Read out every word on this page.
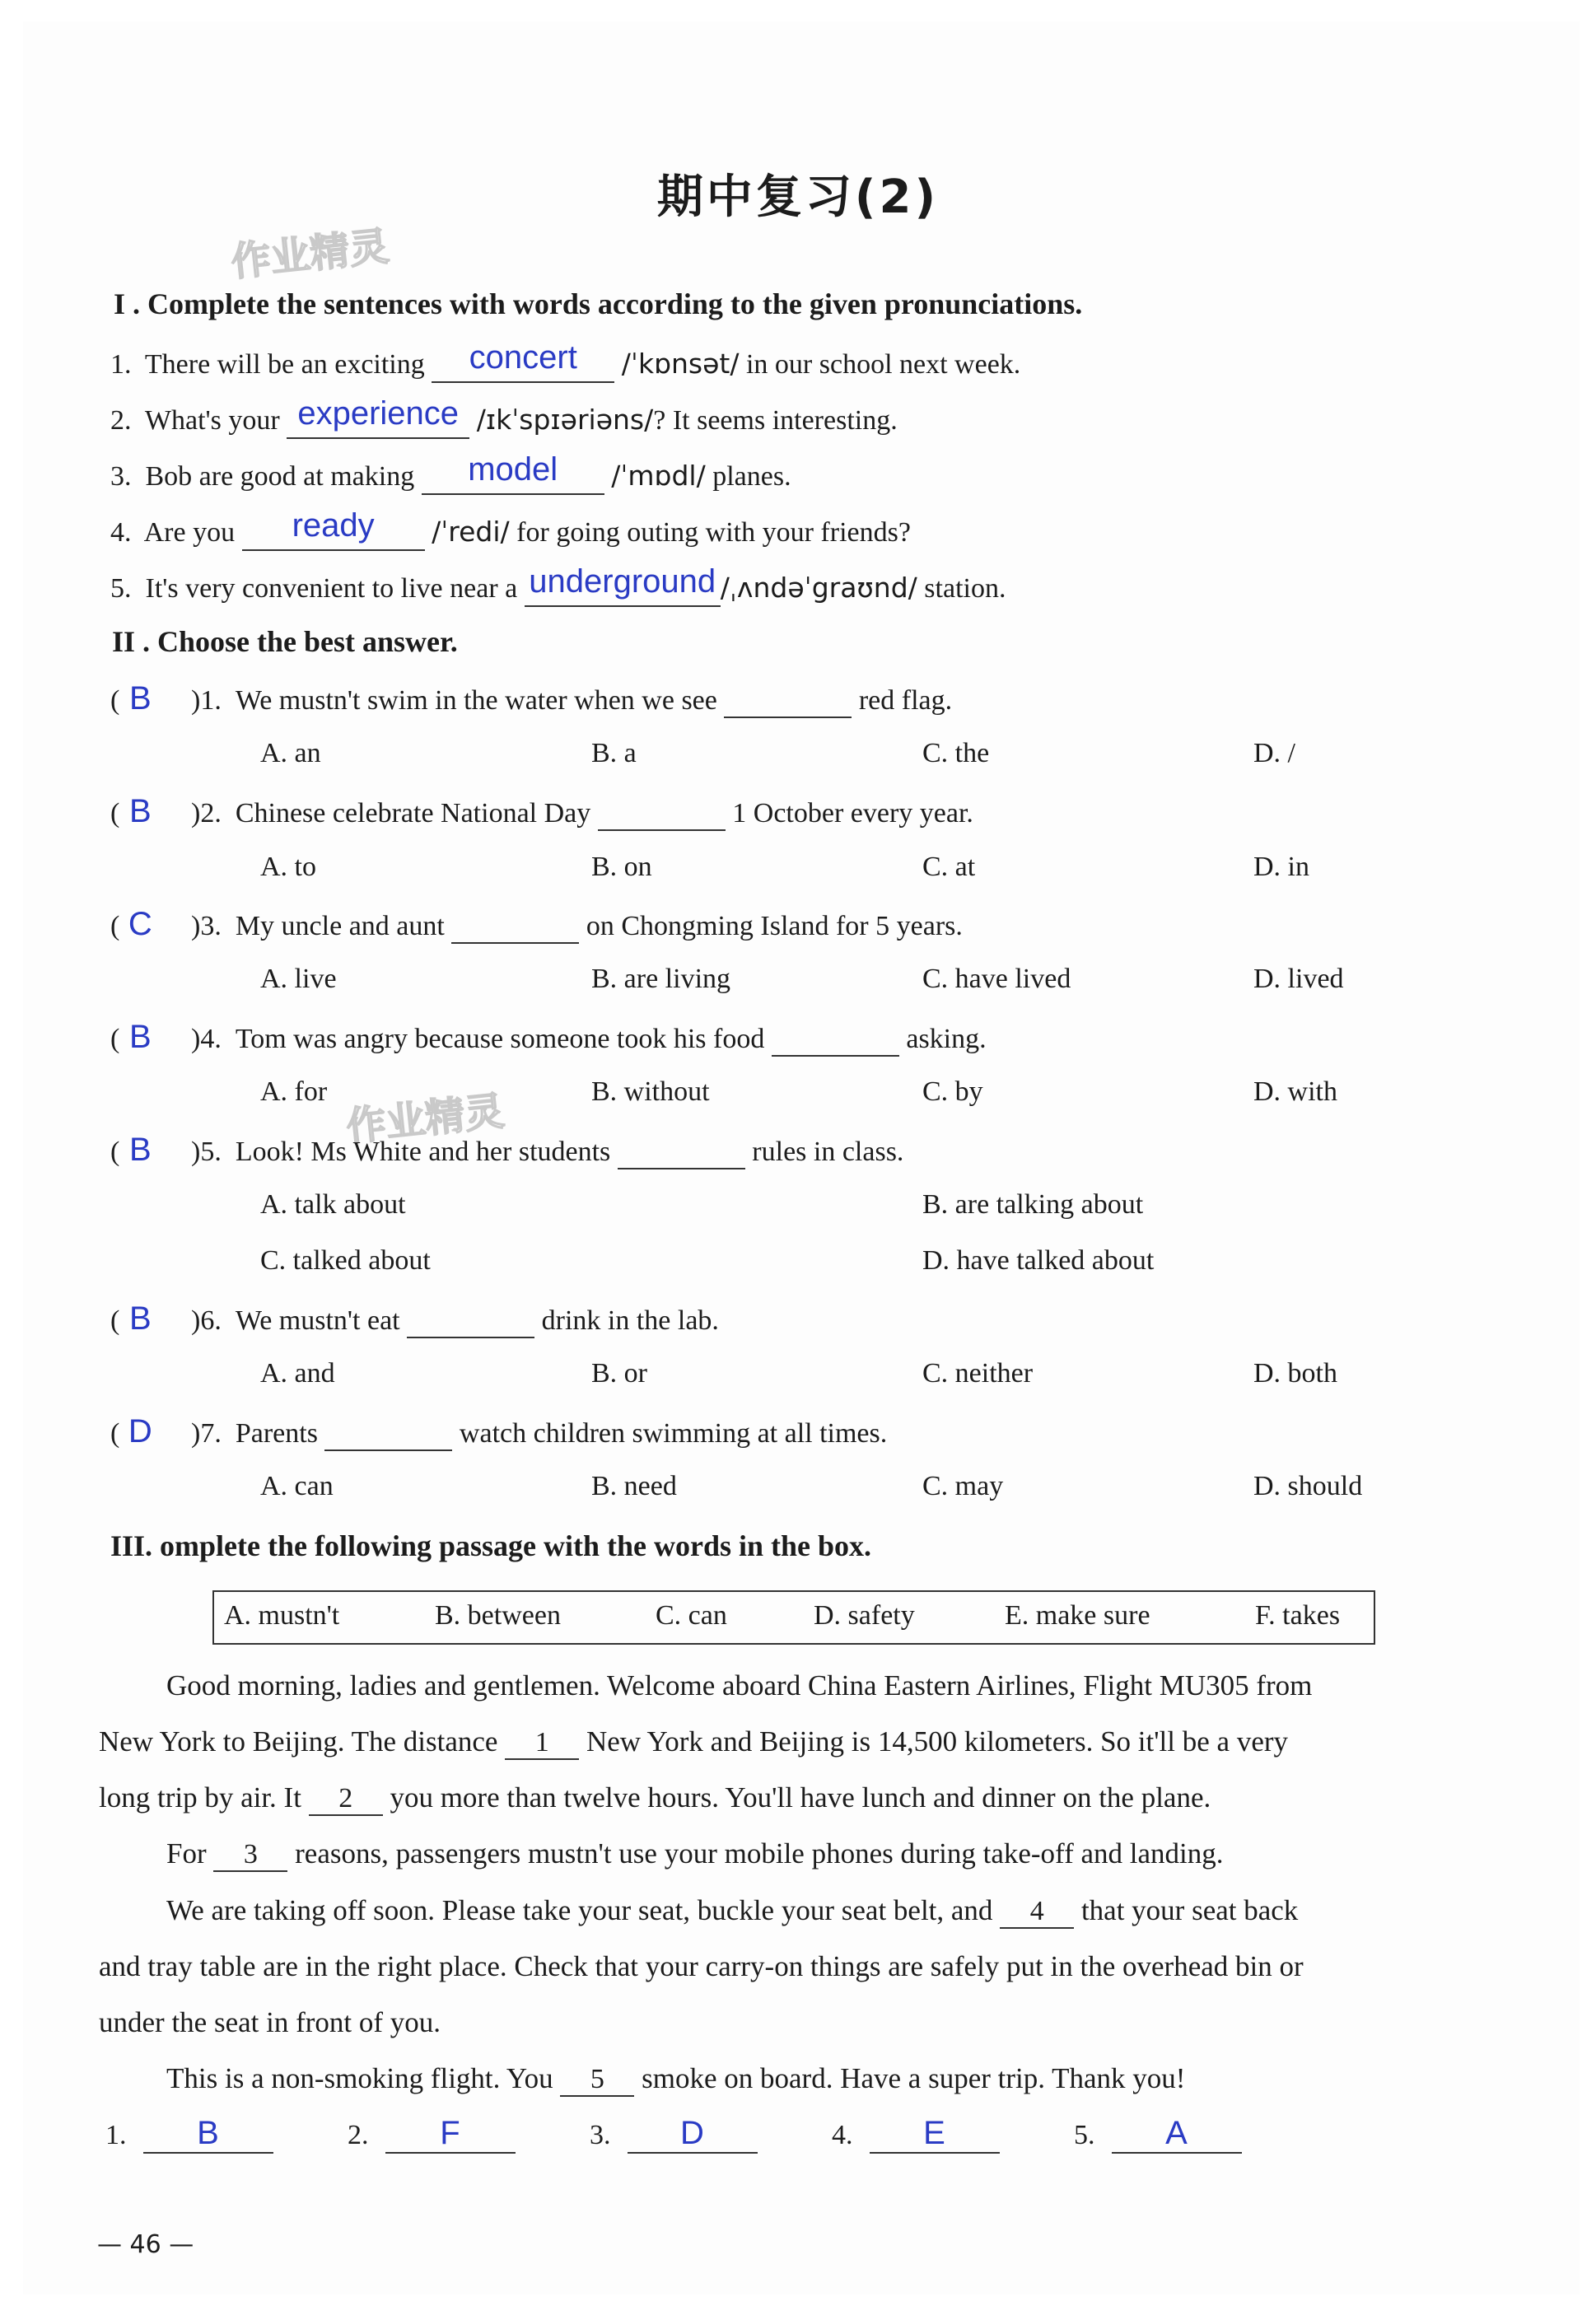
期中复习(2)
作业精灵
作业精灵
I . Complete the sentences with words according to the given pronunciations.
1. There will be an exciting concert /ˈkɒnsət/ in our school next week.
2. What's your experience /ɪkˈspɪəriəns/? It seems interesting.
3. Bob are good at making model /ˈmɒdl/ planes.
4. Are you ready /ˈredi/ for going outing with your friends?
5. It's very convenient to live near a underground /ˌʌndəˈgraʊnd/ station.
II . Choose the best answer.
( B )1. We mustn't swim in the water when we see	red flag.
A. an	B. a	C. the	D. /
( B )2. Chinese celebrate National Day	1 October every year.
A. to	B. on	C. at	D. in
( C )3. My uncle and aunt	on Chongming Island for 5 years.
A. live	B. are living	C. have lived	D. lived
( B )4. Tom was angry because someone took his food	asking.
A. for	B. without	C. by	D. with
( B )5. Look! Ms White and her students	rules in class.
A. talk about	B. are talking about
C. talked about	D. have talked about
( B )6. We mustn't eat	drink in the lab.
A. and	B. or	C. neither	D. both
( D )7. Parents	watch children swimming at all times.
A. can	B. need	C. may	D. should
III. omplete the following passage with the words in the box.
A. mustn't	B. between	C. can	D. safety	E. make sure	F. takes
Good morning, ladies and gentlemen. Welcome aboard China Eastern Airlines, Flight MU305 from
New York to Beijing. The distance 1 New York and Beijing is 14,500 kilometers. So it'll be a very
long trip by air. It 2 you more than twelve hours. You'll have lunch and dinner on the plane.
For 3 reasons, passengers mustn't use your mobile phones during take-off and landing.
We are taking off soon. Please take your seat, buckle your seat belt, and 4 that your seat back
and tray table are in the right place. Check that your carry-on things are safely put in the overhead bin or
under the seat in front of you.
This is a non-smoking flight. You 5 smoke on board. Have a super trip. Thank you!
1. B	2. F	3. D	4. E	5. A
— 46 —
